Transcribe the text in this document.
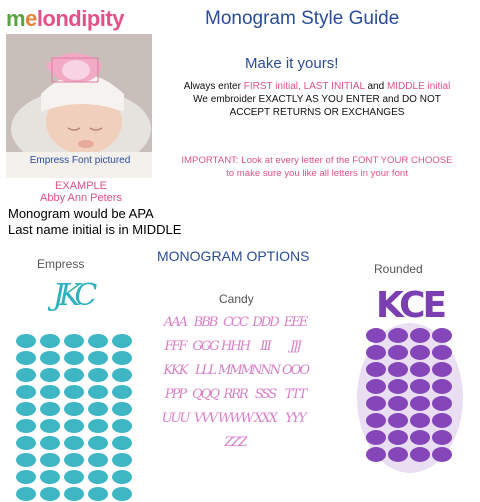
melondipity	Monogram Style Guide
Empress Font pictured
Make it yours!
Always enter FIRST initial, LAST INITIAL and MIDDLE initial
We embroider EXACTLY AS YOU ENTER and DO NOT
ACCEPT RETURNS OR EXCHANGES
IMPORTANT: Look at every letter of the FONT YOUR CHOOSE
to make sure you like all letters in your font
EXAMPLE
Abby Ann Peters
Monogram would be APA
Last name initial is in MIDDLE
MONOGRAM OPTIONS
Empress
Candy
Rounded
JKC
AAA BBB CCC DDD EEE
FFF GGG HHH III JJJ
KKK LLL MMM
NNN OOO
PPP QQQ RRR SSS TTT
UUU VVV WWW XXX YYY
ZZZ
KCE
